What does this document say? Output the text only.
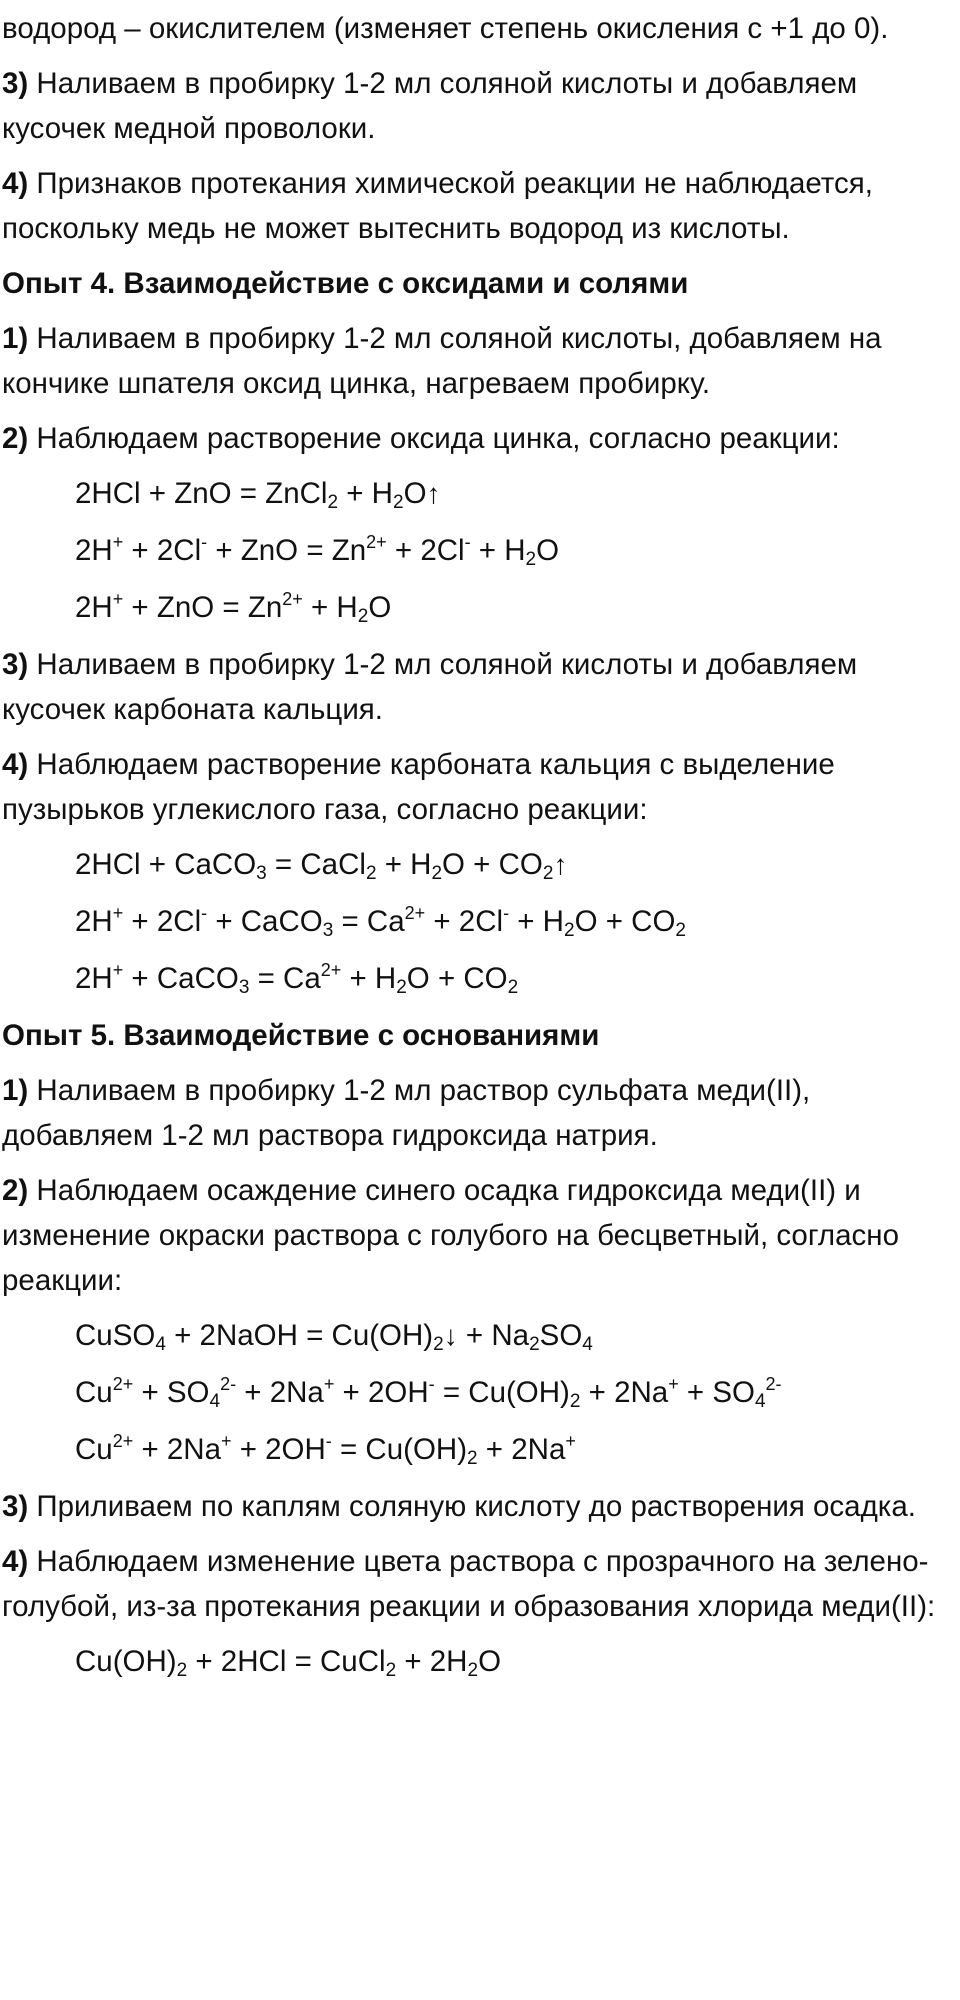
водород – окислителем (изменяет степень окисления с +1 до 0).

3) Наливаем в пробирку 1-2 мл соляной кислоты и добавляем кусочек медной проволоки.

4) Признаков протекания химической реакции не наблюдается, поскольку медь не может вытеснить водород из кислоты.

Опыт 4. Взаимодействие с оксидами и солями

1) Наливаем в пробирку 1-2 мл соляной кислоты, добавляем на кончике шпателя оксид цинка, нагреваем пробирку.

2) Наблюдаем растворение оксида цинка, согласно реакции:

2HCl + ZnO = ZnCl$_2$ + $H_2O↑$
2H+ + 2Cl- + ZnO = $Zn^{2+} + 2Cl^- + H_2O$
2H+ + ZnO = $Zn^{2+} + H_2O$

3) Наливаем в пробирку 1-2 мл соляной кислоты и добавляем кусочек карбоната кальция.

4) Наблюдаем растворение карбоната кальция с выделение пузырьков углекислого газа, согласно реакции:

2HCl + CaCO$_3$ = CaCl$_2$ + $H_2O$ + $CO_2↑$
2H+ + 2Cl- + CaCO$_3$ = $Ca^{2+} + 2Cl^- + H_2O + CO_2$
2H+ + CaCO$_3$ = $Ca^{2+} + H_2O + CO_2$

Опыт 5. Взаимодействие с основаниями

1) Наливаем в пробирку 1-2 мл раствор сульфата меди(II), добавляем 1-2 мл раствора гидроксида натрия.

2) Наблюдаем осаждение синего осадка гидроксида меди(II) и изменение окраски раствора с голубого на бесцветный, согласно реакции:

CuSO$_4$ + 2NaOH = $Cu(OH)_2↓ + Na_2SO_4$
$Cu^{2+} + SO_4^{2-} + 2Na^+ + 2OH^- = Cu(OH)_2 + 2Na^+ + SO_4^{2-}$
$Cu^{2+} + 2Na^+ + 2OH^- = Cu(OH)_2 + 2Na^+$

3) Приливаем по каплям соляную кислоту до растворения осадка.

4) Наблюдаем изменение цвета раствора с прозрачного на зелено-голубой, из-за протекания реакции и образования хлорида меди(II):

$Cu(OH)_2 + 2HCl$ = CuCl$_2$ + $2H_2O$
